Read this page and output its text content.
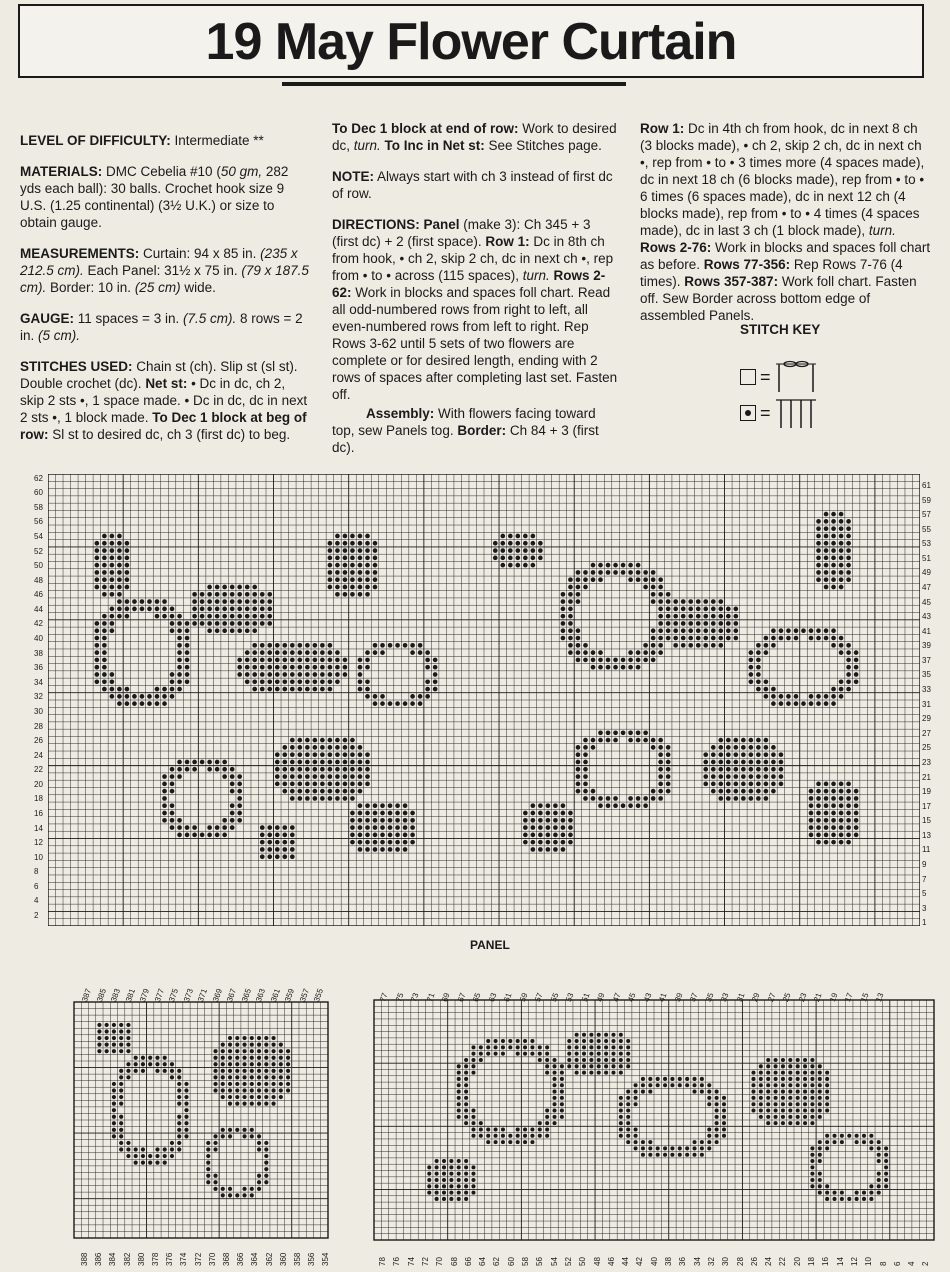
19 May Flower Curtain

LEVEL OF DIFFICULTY: Intermediate **

MATERIALS: DMC Cebelia #10 (50 gm, 282 yds each ball): 30 balls. Crochet hook size 9 U.S. (1.25 continental) (3½ U.K.) or size to obtain gauge.

MEASUREMENTS: Curtain: 94 x 85 in. (235 x 212.5 cm). Each Panel: 31½ x 75 in. (79 x 187.5 cm). Border: 10 in. (25 cm) wide.

GAUGE: 11 spaces = 3 in. (7.5 cm). 8 rows = 2 in. (5 cm).

STITCHES USED: Chain st (ch). Slip st (sl st). Double crochet (dc). Net st: • Dc in dc, ch 2, skip 2 sts •, 1 space made. • Dc in dc, dc in next 2 sts •, 1 block made. To Dec 1 block at beg of row: Sl st to desired dc, ch 3 (first dc) to beg.

To Dec 1 block at end of row: Work to desired dc, turn. To Inc in Net st: See Stitches page.

NOTE: Always start with ch 3 instead of first dc of row.

DIRECTIONS: Panel (make 3): Ch 345 + 3 (first dc) + 2 (first space). Row 1: Dc in 8th ch from hook, • ch 2, skip 2 ch, dc in next ch •, rep from • to • across (115 spaces), turn. Rows 2-62: Work in blocks and spaces foll chart. Read all odd-numbered rows from right to left, all even-numbered rows from left to right. Rep Rows 3-62 until 5 sets of two flowers are complete or for desired length, ending with 2 rows of spaces after completing last set. Fasten off.

Assembly: With flowers facing toward top, sew Panels tog. Border: Ch 84 + 3 (first dc).

Row 1: Dc in 4th ch from hook, dc in next 8 ch (3 blocks made), • ch 2, skip 2 ch, dc in next ch •, rep from • to • 3 times more (4 spaces made), dc in next 18 ch (6 blocks made), rep from • to • 6 times (6 spaces made), dc in next 12 ch (4 blocks made), rep from • to • 4 times (4 spaces made), dc in last 3 ch (1 block made), turn. Rows 2-76: Work in blocks and spaces foll chart as before. Rows 77-356: Rep Rows 7-76 (4 times). Rows 357-387: Work foll chart. Fasten off. Sew Border across bottom edge of assembled Panels.

STITCH KEY
=
=
62
60
58
56
54
52
50
48
46
44
42
40
38
36
34
32
30
28
26
24
22
20
18
16
14
12
10
8
6
4
2
61
59
57
55
53
51
49
47
45
43
41
39
37
35
33
31
29
27
25
23
21
19
17
15
13
11
9
7
5
3
1
PANEL
387 385 383 381 379 377 375 373 371 369 367 365 363 361 359 357 355
388 386 384 382 380 378 376 374 372 370 368 366 364 362 360 358 356 354
77 75 73 71 69 67 65 63 61 59 57 55 53 51 49 47 45 43 41 39 37 35 33 31 29 27 25 23 21 19 17 15 13
78 76 74 72 70 68 66 64 62 60 58 56 54 52 50 48 46 44 42 40 38 36 34 32 30 28 26 24 22 20 18 16 14 12 10 8 6 4 2
